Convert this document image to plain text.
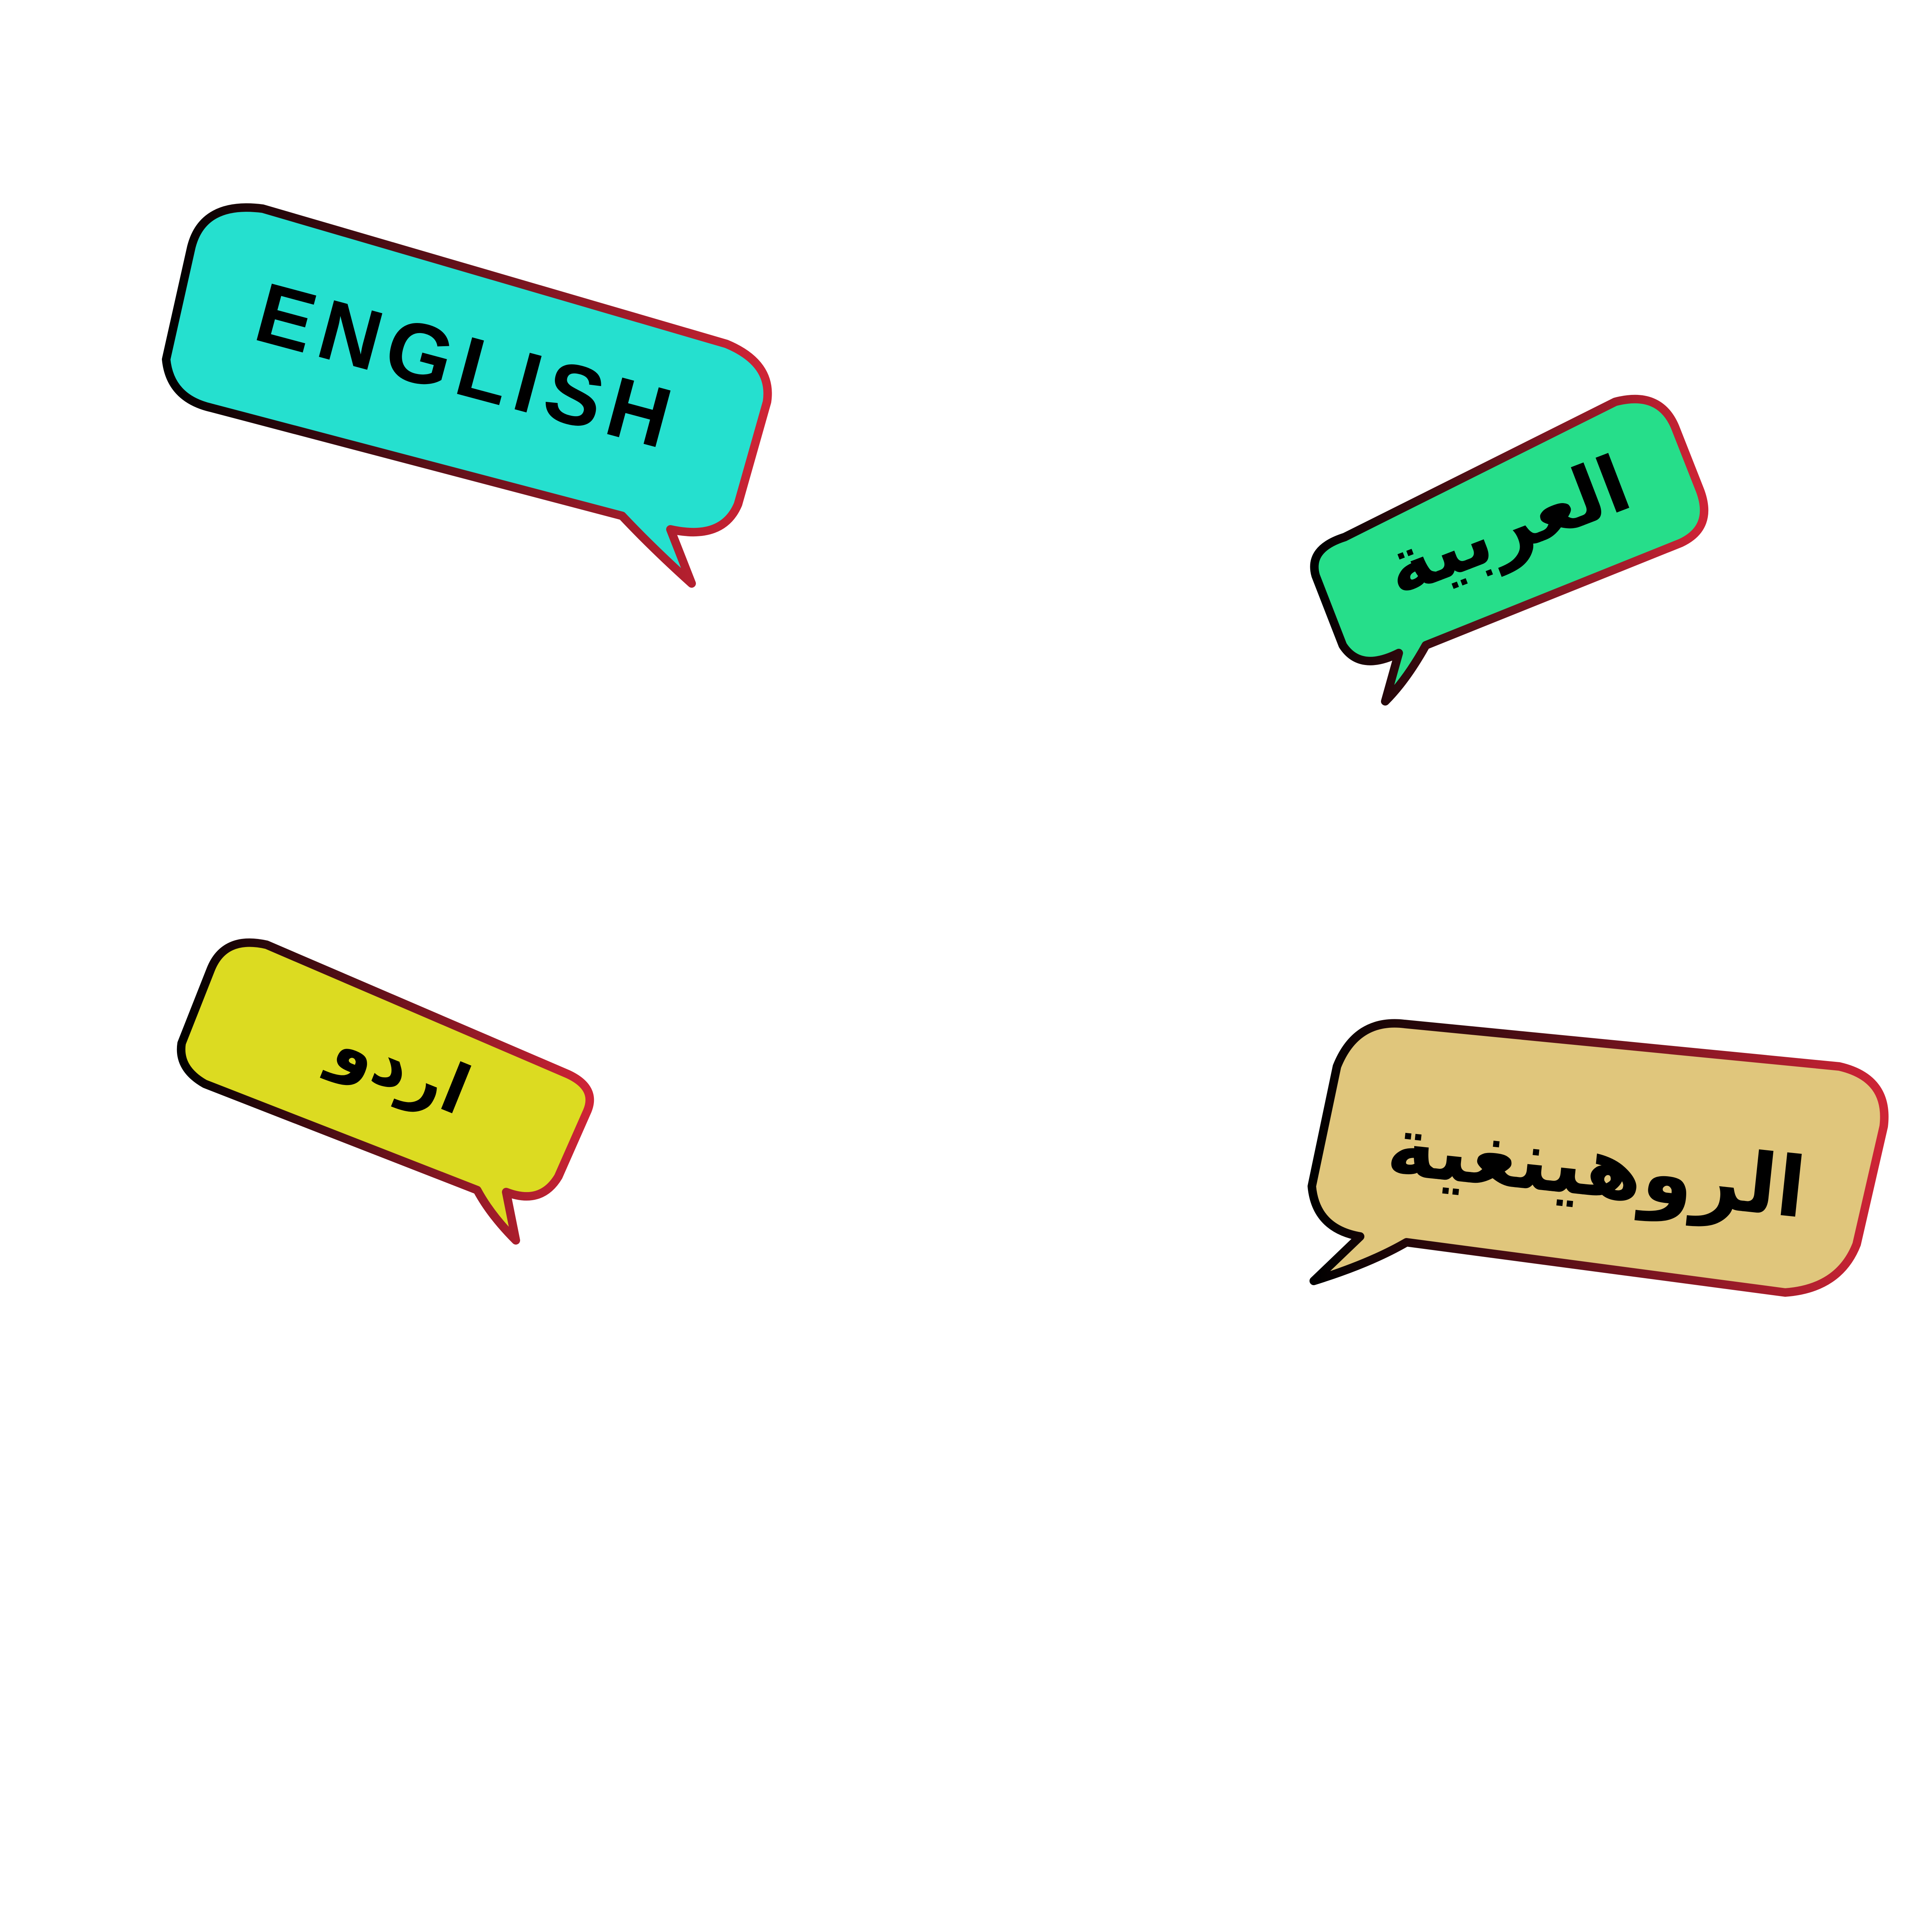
ENGLISH
العربية
اردو
الروهينغية
